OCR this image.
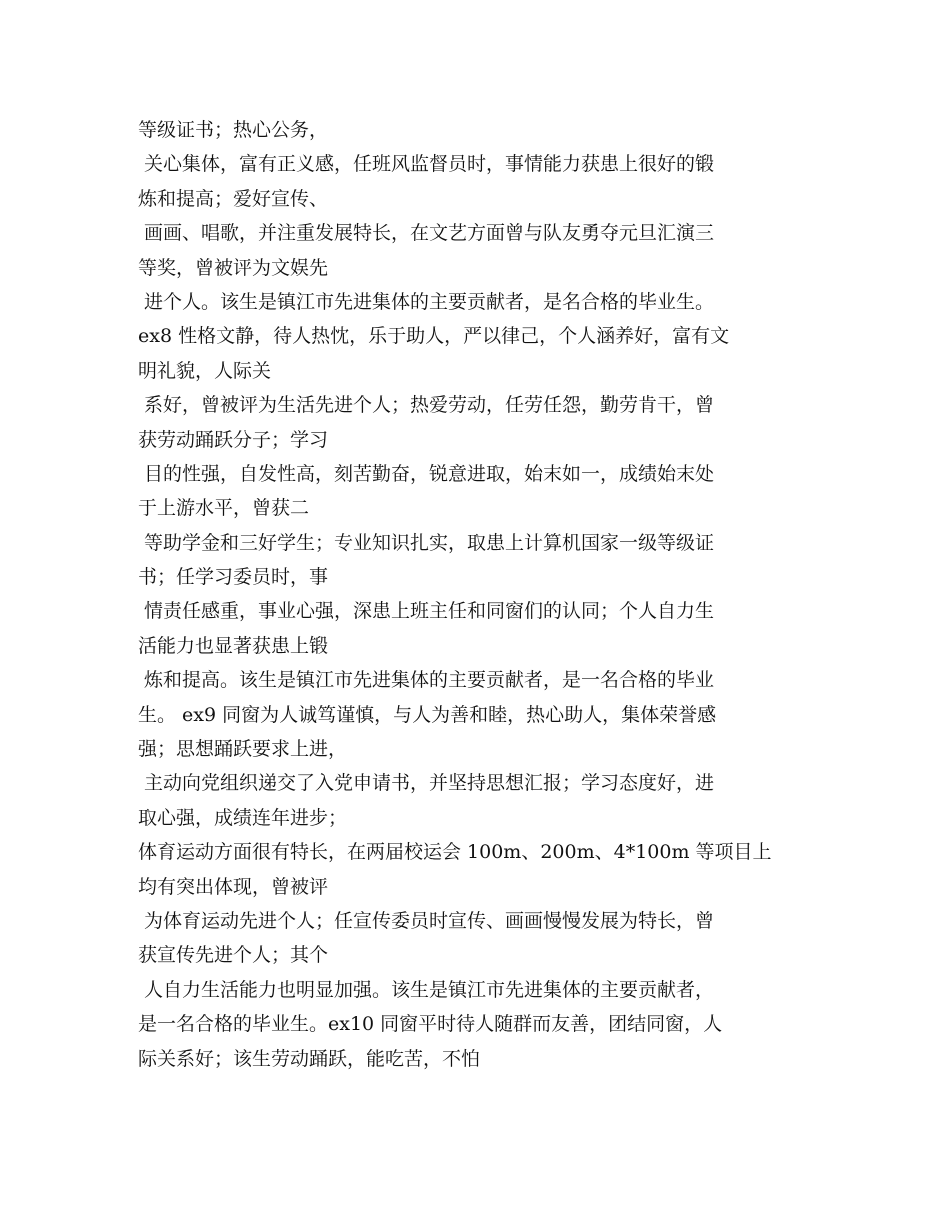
等级证书；热心公务，
关心集体，富有正义感，任班风监督员时，事情能力获患上很好的锻
炼和提高；爱好宣传、
画画、唱歌，并注重发展特长，在文艺方面曾与队友勇夺元旦汇演三
等奖，曾被评为文娱先
进个人。该生是镇江市先进集体的主要贡献者，是名合格的毕业生。
ex8 性格文静，待人热忱，乐于助人，严以律己，个人涵养好，富有文
明礼貌，人际关
系好，曾被评为生活先进个人；热爱劳动，任劳任怨，勤劳肯干，曾
获劳动踊跃分子；学习
目的性强，自发性高，刻苦勤奋，锐意进取，始末如一，成绩始末处
于上游水平，曾获二
等助学金和三好学生；专业知识扎实，取患上计算机国家一级等级证
书；任学习委员时，事
情责任感重，事业心强，深患上班主任和同窗们的认同；个人自力生
活能力也显著获患上锻
炼和提高。该生是镇江市先进集体的主要贡献者，是一名合格的毕业
生。 ex9 同窗为人诚笃谨慎，与人为善和睦，热心助人，集体荣誉感
强；思想踊跃要求上进，
主动向党组织递交了入党申请书，并坚持思想汇报；学习态度好，进
取心强，成绩连年进步；
体育运动方面很有特长，在两届校运会 100m、200m、4*100m 等项目上
均有突出体现，曾被评
为体育运动先进个人；任宣传委员时宣传、画画慢慢发展为特长，曾
获宣传先进个人；其个
人自力生活能力也明显加强。该生是镇江市先进集体的主要贡献者，
是一名合格的毕业生。ex10 同窗平时待人随群而友善，团结同窗，人
际关系好；该生劳动踊跃，能吃苦，不怕
